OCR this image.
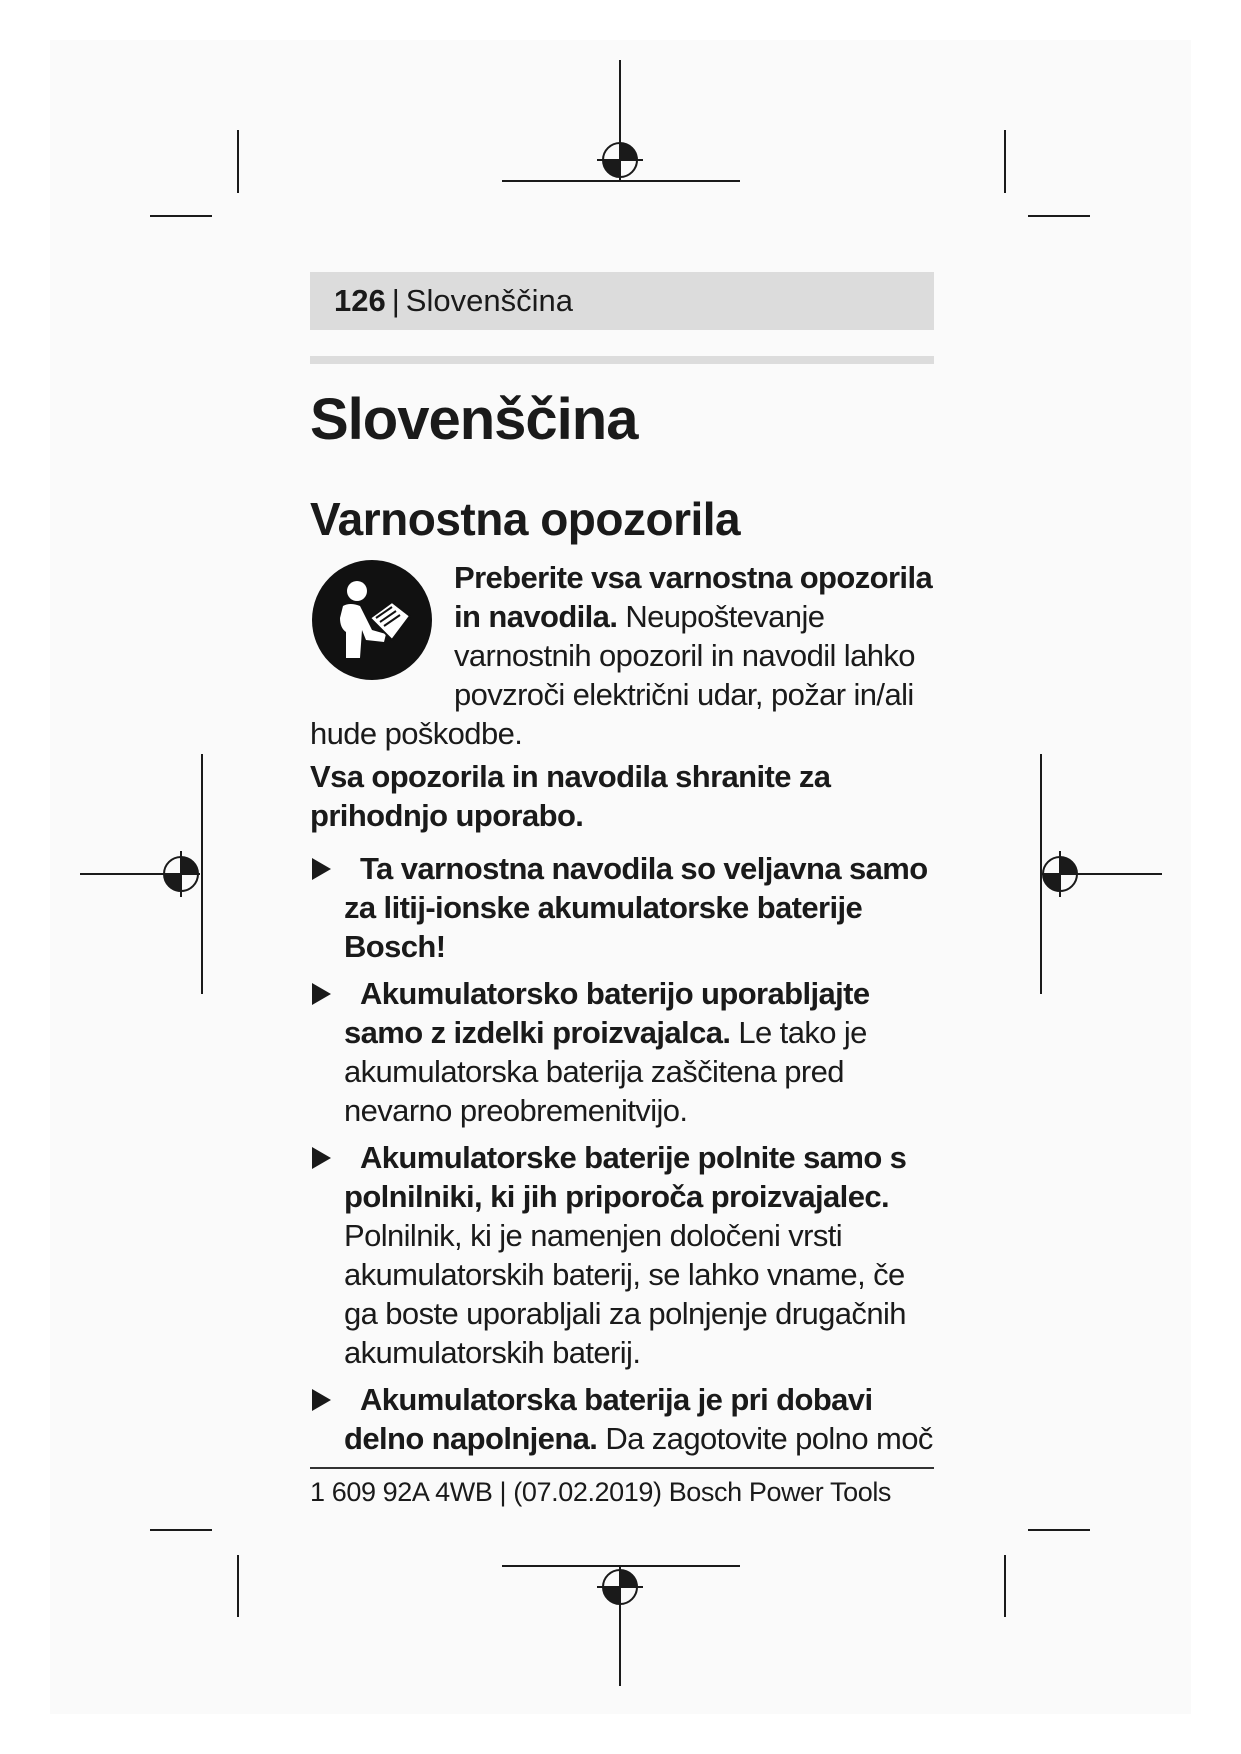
126 | Slovenščina
Slovenščina
Varnostna opozorila
Preberite vsa varnostna opozorila in navodila. Neupoštevanje varnostnih opozoril in navodil lahko povzroči električni udar, požar in/ali hude poškodbe.
Vsa opozorila in navodila shranite za prihodnjo uporabo.
Ta varnostna navodila so veljavna samo za litij-ionske akumulatorske baterije Bosch!
Akumulatorsko baterijo uporabljajte samo z izdelki proizvajalca. Le tako je akumulatorska baterija zaščitena pred nevarno preobremenitvijo.
Akumulatorske baterije polnite samo s polnilniki, ki jih priporoča proizvajalec. Polnilnik, ki je namenjen določeni vrsti akumulatorskih baterij, se lahko vname, če ga boste uporabljali za polnjenje drugačnih akumulatorskih baterij.
Akumulatorska baterija je pri dobavi delno napolnjena. Da zagotovite polno moč
1 609 92A 4WB | (07.02.2019) Bosch Power Tools
